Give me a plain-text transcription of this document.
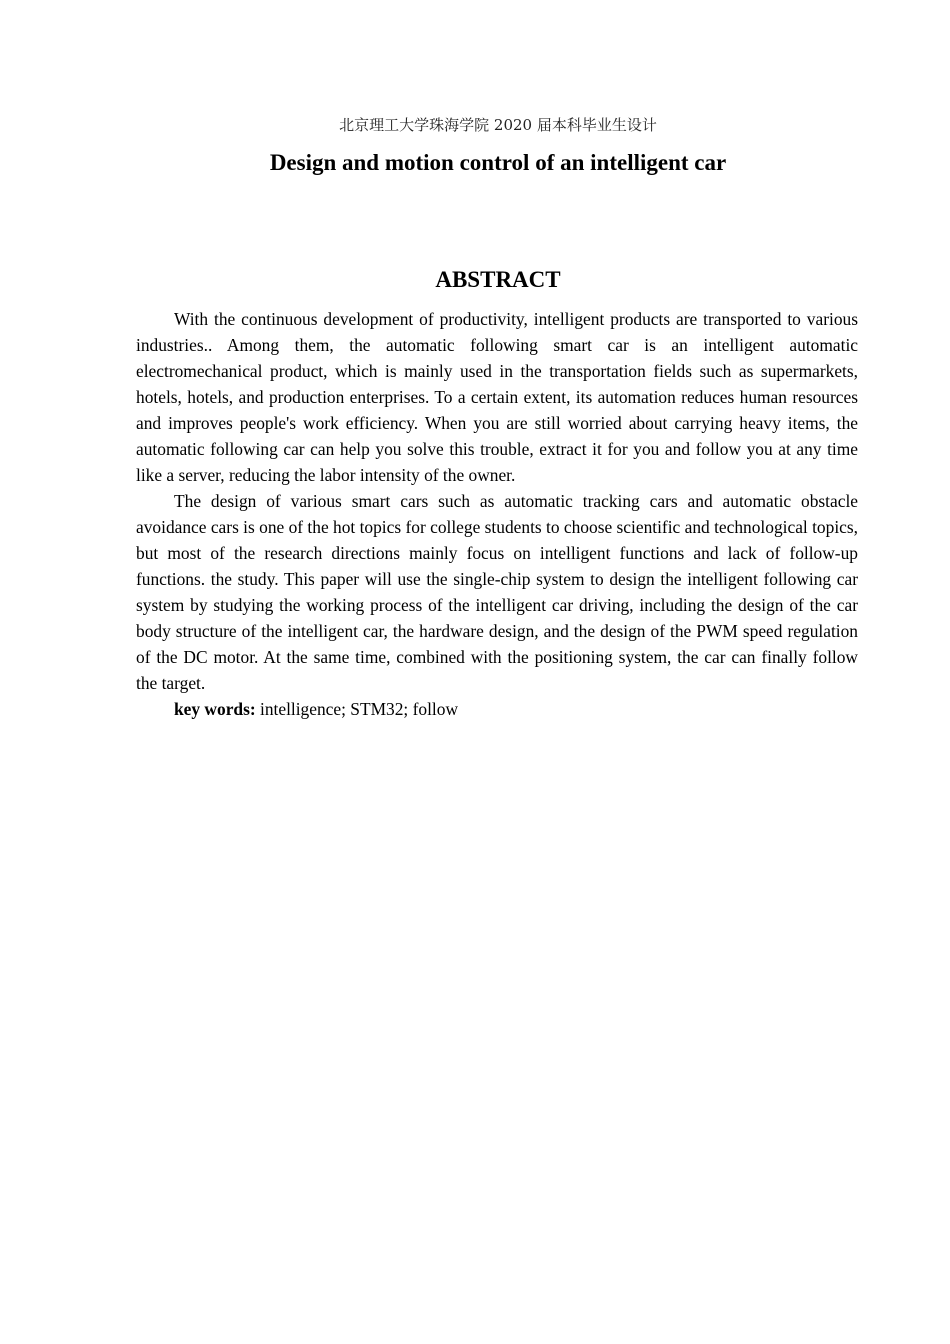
北京理工大学珠海学院 2020 届本科毕业生设计
Design and motion control of an intelligent car
ABSTRACT

With the continuous development of productivity, intelligent products are transported to various industries.. Among them, the automatic following smart car is an intelligent automatic electromechanical product, which is mainly used in the transportation fields such as supermarkets, hotels, hotels, and production enterprises. To a certain extent, its automation reduces human resources and improves people's work efficiency. When you are still worried about carrying heavy items, the automatic following car can help you solve this trouble, extract it for you and follow you at any time like a server, reducing the labor intensity of the owner.

The design of various smart cars such as automatic tracking cars and automatic obstacle avoidance cars is one of the hot topics for college students to choose scientific and technological topics, but most of the research directions mainly focus on intelligent functions and lack of follow-up functions. the study. This paper will use the single-chip system to design the intelligent following car system by studying the working process of the intelligent car driving, including the design of the car body structure of the intelligent car, the hardware design, and the design of the PWM speed regulation of the DC motor. At the same time, combined with the positioning system, the car can finally follow the target.

key words: intelligence; STM32; follow
